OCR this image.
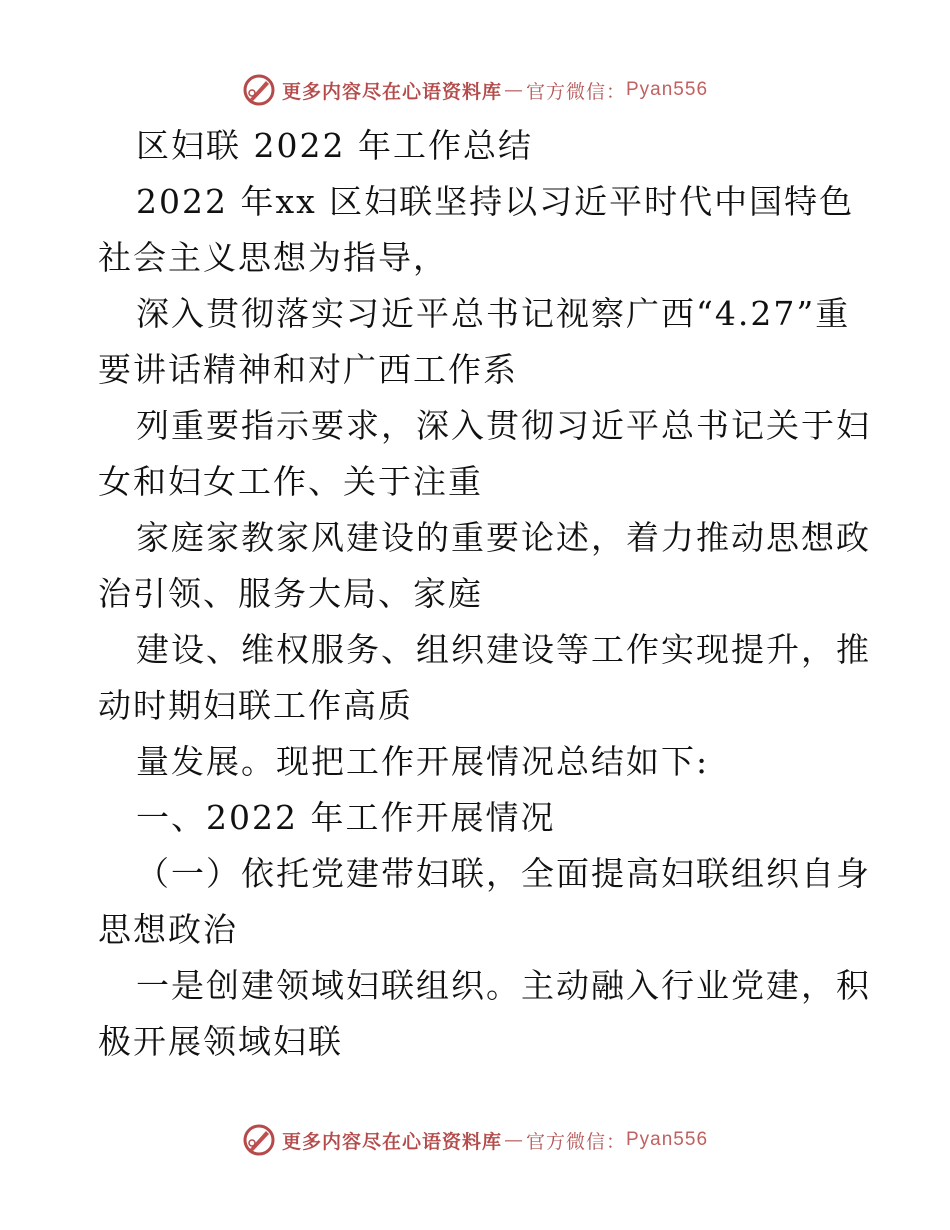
更多内容尽在心语资料库 — 官方微信： Pyan556
区妇联 2022 年工作总结
2022 年xx 区妇联坚持以习近平时代中国特色
社会主义思想为指导，
深入贯彻落实习近平总书记视察广西“4.27”重
要讲话精神和对广西工作系
列重要指示要求，深入贯彻习近平总书记关于妇
女和妇女工作、关于注重
家庭家教家风建设的重要论述，着力推动思想政
治引领、服务大局、家庭
建设、维权服务、组织建设等工作实现提升，推
动时期妇联工作高质
量发展。现把工作开展情况总结如下:
一、2022 年工作开展情况
（一）依托党建带妇联，全面提高妇联组织自身
思想政治
一是创建领域妇联组织。主动融入行业党建，积
极开展领域妇联
更多内容尽在心语资料库 — 官方微信： Pyan556
